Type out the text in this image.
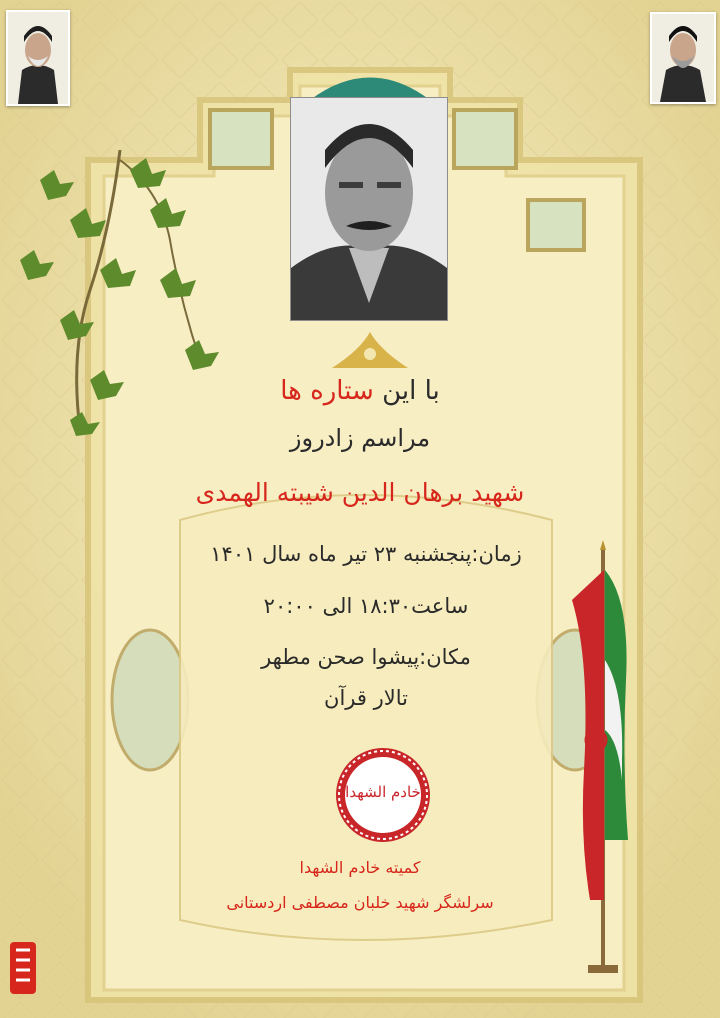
با این ستاره ها
مراسم زادروز
شهید برهان الدین شیبته الهمدی
زمان:پنجشنبه ۲۳ تیر ماه سال ۱۴۰۱
ساعت۱۸:۳۰ الی ۲۰:۰۰
مکان:پیشوا صحن مطهر
تالار قرآن
خادم الشهدا
کمیته خادم الشهدا
سرلشگر شهید خلبان مصطفی اردستانی
